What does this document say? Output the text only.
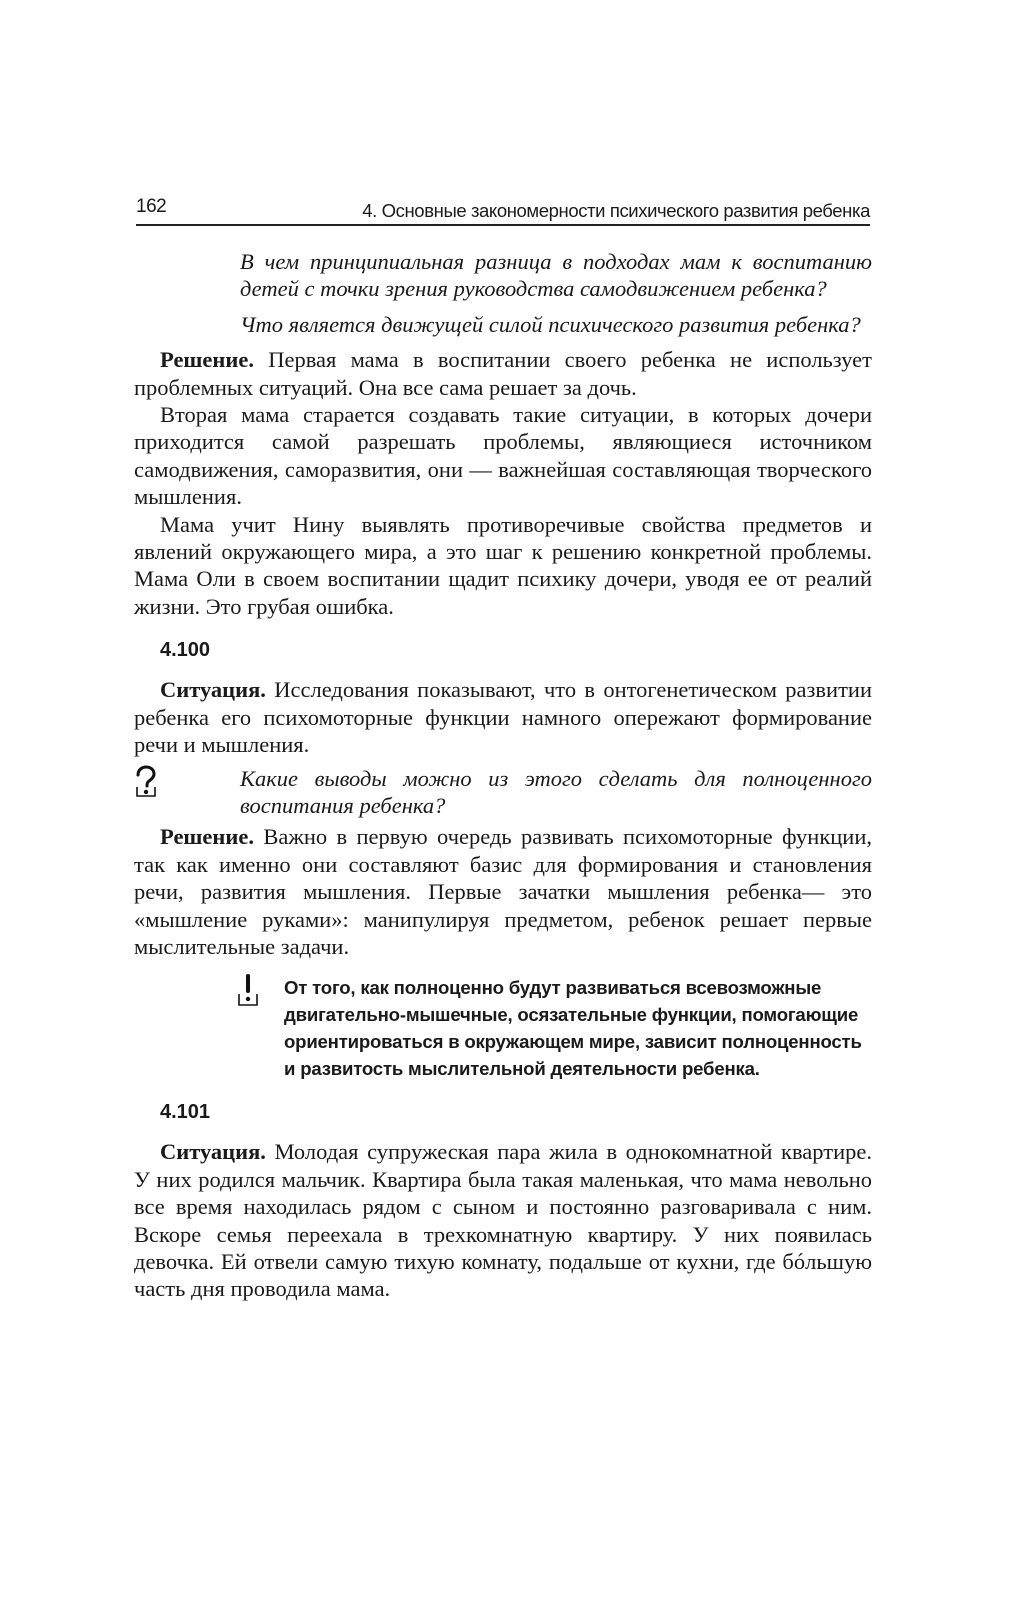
162	4. Основные закономерности психического развития ребенка

В чем принципиальная разница в подходах мам к воспитанию детей с точки зрения руководства самодвижением ребенка?

Что является движущей силой психического развития ребенка?

Решение. Первая мама в воспитании своего ребенка не использует проблемных ситуаций. Она все сама решает за дочь.

Вторая мама старается создавать такие ситуации, в которых дочери приходится самой разрешать проблемы, являющиеся источником самодвижения, саморазвития, они — важнейшая составляющая творческого мышления.

Мама учит Нину выявлять противоречивые свойства предметов и явлений окружающего мира, а это шаг к решению конкретной проблемы. Мама Оли в своем воспитании щадит психику дочери, уводя ее от реалий жизни. Это грубая ошибка.

4.100

Ситуация. Исследования показывают, что в онтогенетическом развитии ребенка его психомоторные функции намного опережают формирование речи и мышления.

Какие выводы можно из этого сделать для полноценного воспитания ребенка?

Решение. Важно в первую очередь развивать психомоторные функции, так как именно они составляют базис для формирования и становления речи, развития мышления. Первые зачатки мышления ребенка— это «мышление руками»: манипулируя предметом, ребенок решает первые мыслительные задачи.

От того, как полноценно будут развиваться всевозможные двигательно-мышечные, осязательные функции, помогающие ориентироваться в окружающем мире, зависит полноценность и развитость мыслительной деятельности ребенка.
4.101

Ситуация. Молодая супружеская пара жила в однокомнатной квартире. У них родился мальчик. Квартира была такая маленькая, что мама невольно все время находилась рядом с сыном и постоянно разговаривала с ним. Вскоре семья переехала в трехкомнатную квартиру. У них появилась девочка. Ей отвели самую тихую комнату, подальше от кухни, где бóльшую часть дня проводила мама.
